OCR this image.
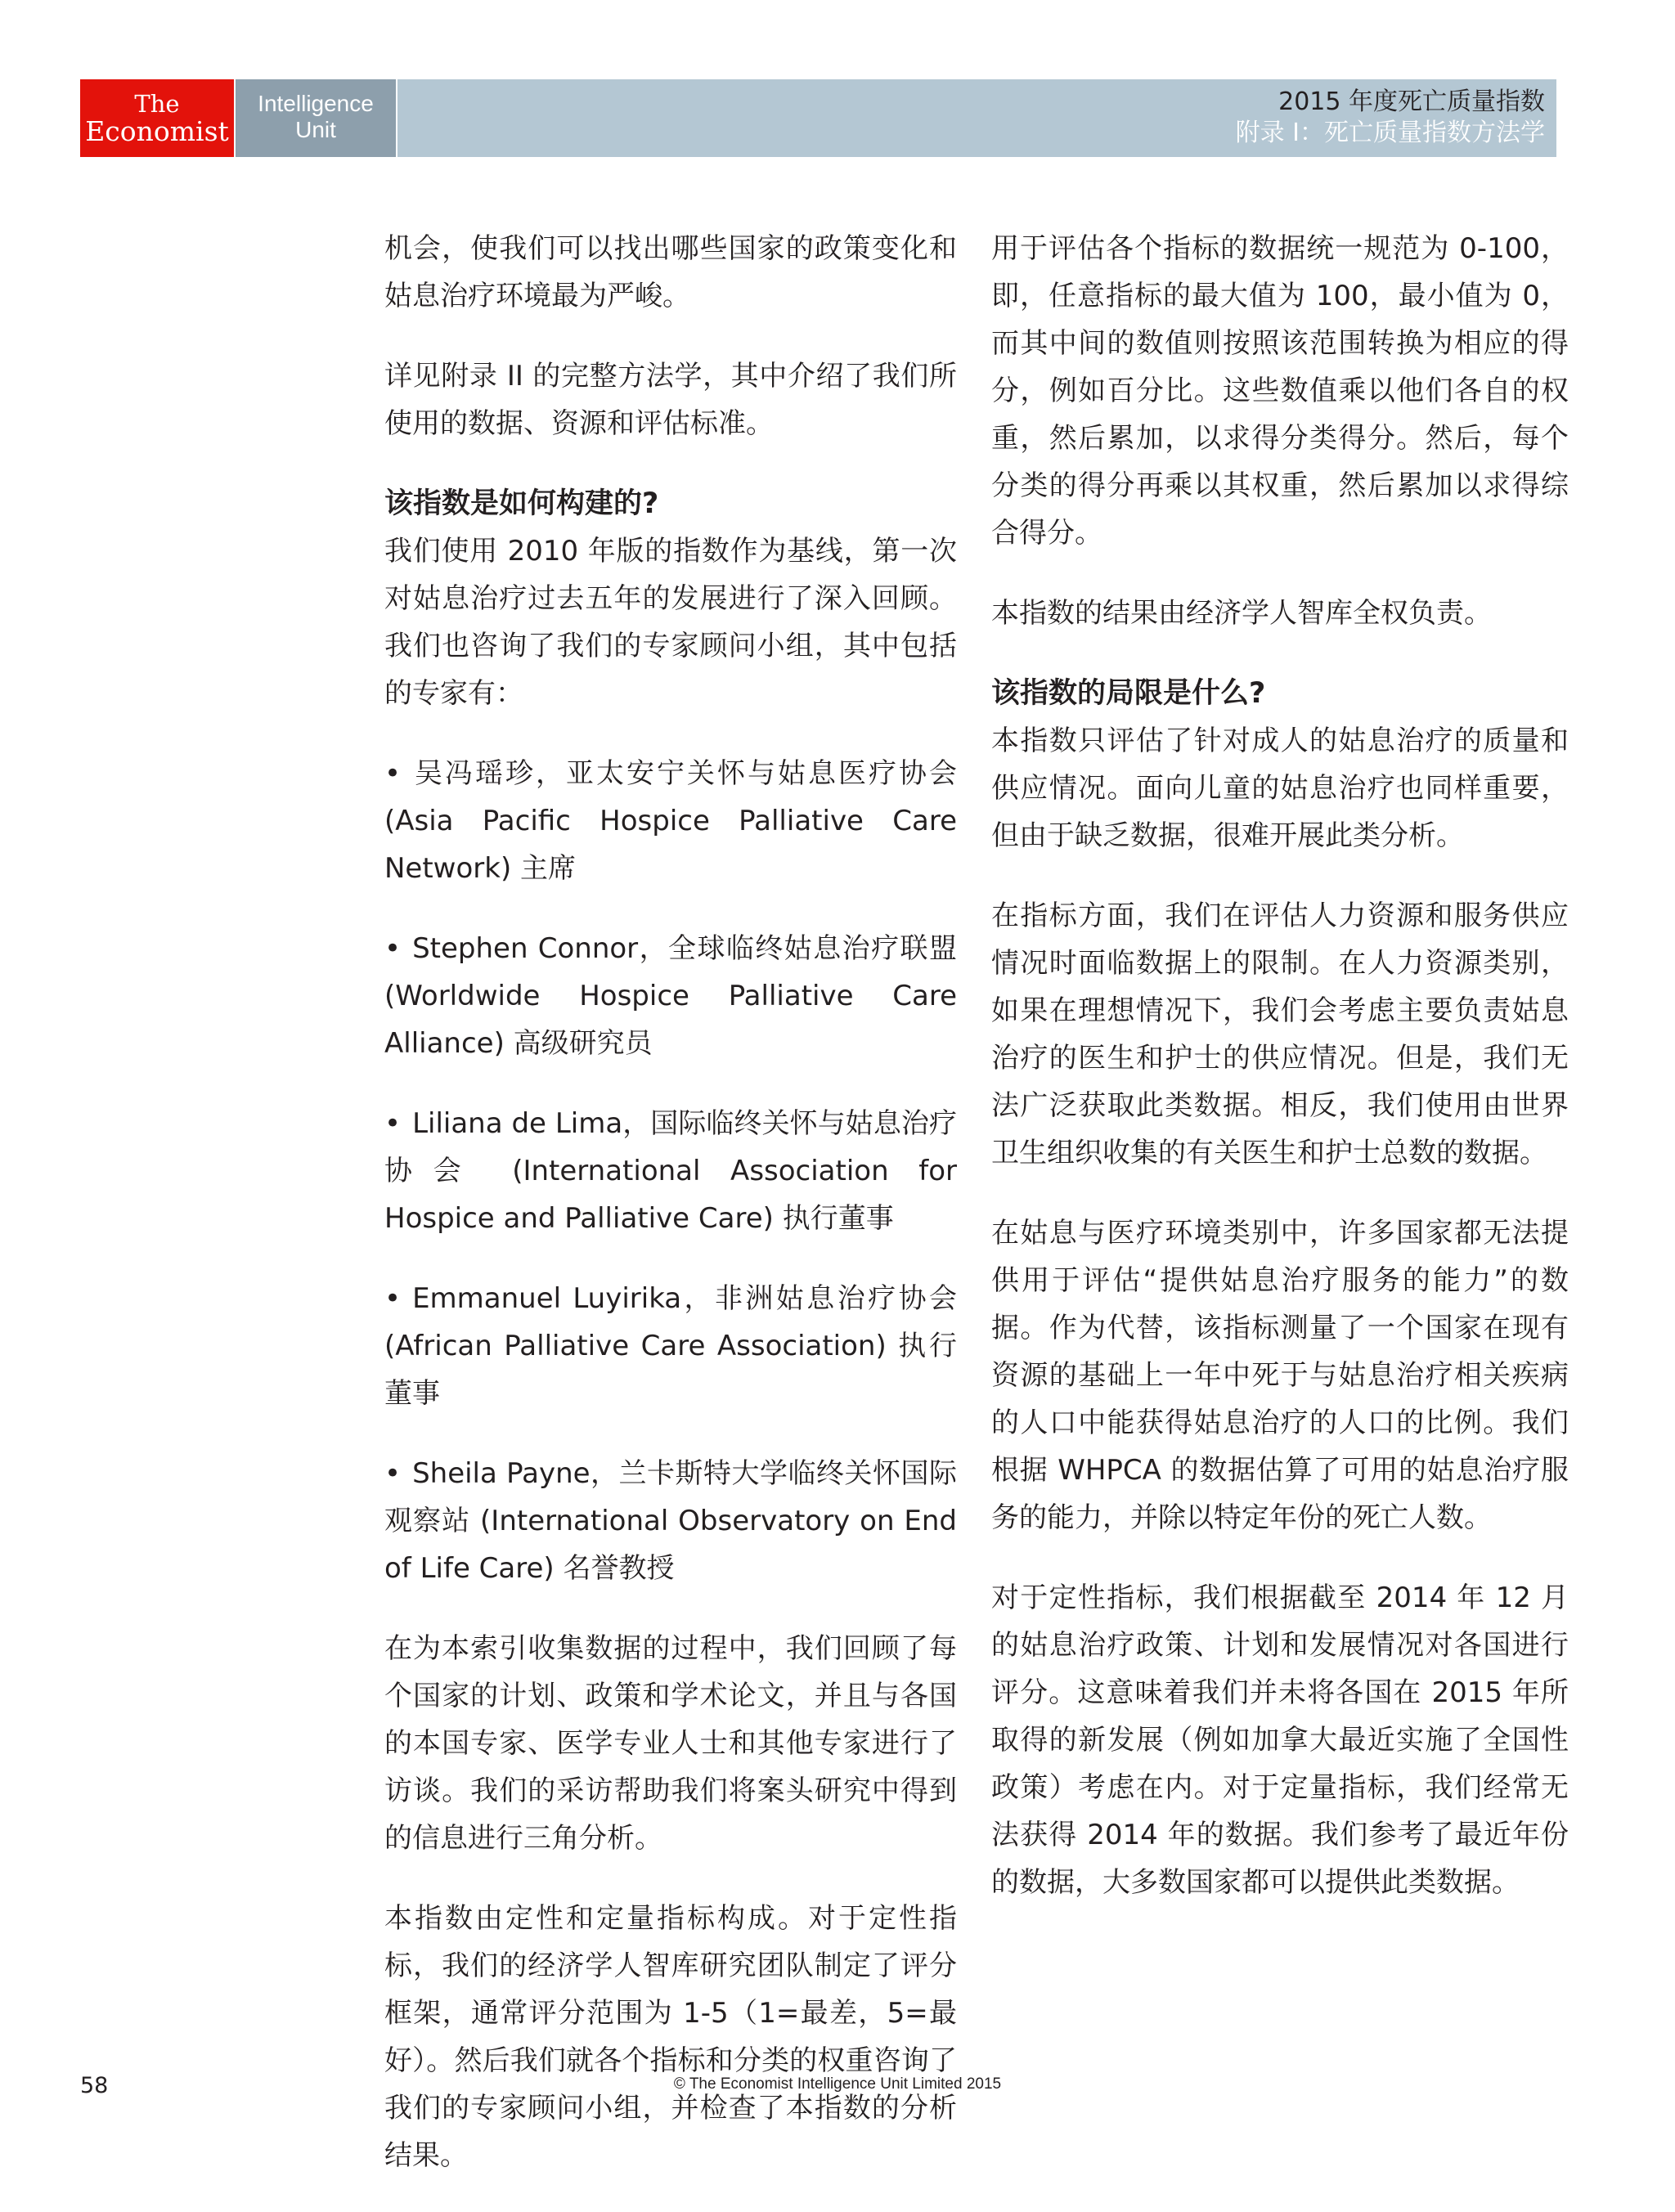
The
Economist
Intelligence
Unit
2015 年度死亡质量指数
附录 I：死亡质量指数方法学

机会，使我们可以找出哪些国家的政策变化和姑息治疗环境最为严峻。

详见附录 II 的完整方法学，其中介绍了我们所使用的数据、资源和评估标准。

该指数是如何构建的?

我们使用 2010 年版的指数作为基线，第一次对姑息治疗过去五年的发展进行了深入回顾。我们也咨询了我们的专家顾问小组，其中包括的专家有：

• 吴冯瑶珍，亚太安宁关怀与姑息医疗协会 (Asia Pacific Hospice Palliative Care Network) 主席
• Stephen Connor，全球临终姑息治疗联盟 (Worldwide Hospice Palliative Care Alliance) 高级研究员
• Liliana de Lima，国际临终关怀与姑息治疗协会 (International Association for Hospice and Palliative Care) 执行董事
• Emmanuel Luyirika，非洲姑息治疗协会 (African Palliative Care Association) 执行董事
• Sheila Payne，兰卡斯特大学临终关怀国际观察站 (International Observatory on End of Life Care) 名誉教授

在为本索引收集数据的过程中，我们回顾了每个国家的计划、政策和学术论文，并且与各国的本国专家、医学专业人士和其他专家进行了访谈。我们的采访帮助我们将案头研究中得到的信息进行三角分析。

本指数由定性和定量指标构成。对于定性指标，我们的经济学人智库研究团队制定了评分框架，通常评分范围为 1-5（1=最差，5=最好）。然后我们就各个指标和分类的权重咨询了我们的专家顾问小组，并检查了本指数的分析结果。

用于评估各个指标的数据统一规范为 0-100，即，任意指标的最大值为 100，最小值为 0，而其中间的数值则按照该范围转换为相应的得分，例如百分比。这些数值乘以他们各自的权重，然后累加，以求得分类得分。然后，每个分类的得分再乘以其权重，然后累加以求得综合得分。

本指数的结果由经济学人智库全权负责。

该指数的局限是什么?

本指数只评估了针对成人的姑息治疗的质量和供应情况。面向儿童的姑息治疗也同样重要，但由于缺乏数据，很难开展此类分析。

在指标方面，我们在评估人力资源和服务供应情况时面临数据上的限制。在人力资源类别，如果在理想情况下，我们会考虑主要负责姑息治疗的医生和护士的供应情况。但是，我们无法广泛获取此类数据。相反，我们使用由世界卫生组织收集的有关医生和护士总数的数据。

在姑息与医疗环境类别中，许多国家都无法提供用于评估“提供姑息治疗服务的能力”的数据。作为代替，该指标测量了一个国家在现有资源的基础上一年中死于与姑息治疗相关疾病的人口中能获得姑息治疗的人口的比例。我们根据 WHPCA 的数据估算了可用的姑息治疗服务的能力，并除以特定年份的死亡人数。

对于定性指标，我们根据截至 2014 年 12 月的姑息治疗政策、计划和发展情况对各国进行评分。这意味着我们并未将各国在 2015 年所取得的新发展（例如加拿大最近实施了全国性政策）考虑在内。对于定量指标，我们经常无法获得 2014 年的数据。我们参考了最近年份的数据，大多数国家都可以提供此类数据。

58	© The Economist Intelligence Unit Limited 2015
